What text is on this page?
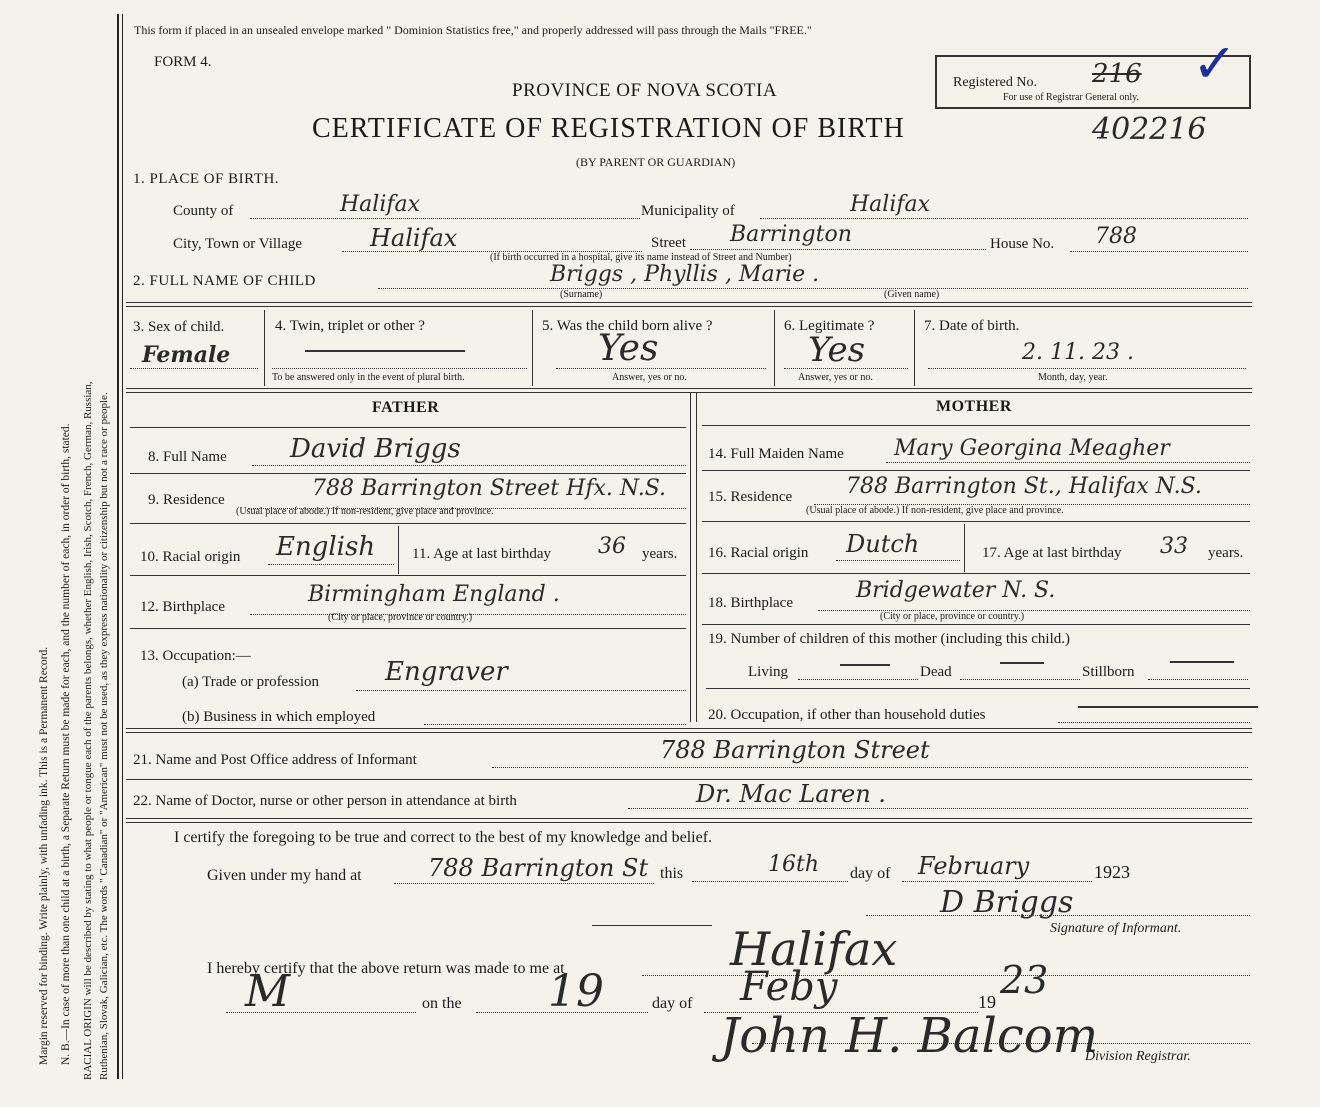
Margin reserved for binding. Write plainly, with unfading ink. This is a Permanent Record. N. B.—In case of more than one child at a birth, a Separate Return must be made for each, and the number of each, in order of birth, stated. RACIAL ORIGIN will be described by stating to what people or tongue each of the parents belongs, whether English, Irish, Scotch, French, German, Russian, Ruthenian, Slovak, Galician, etc. The words " Canadian" or "American" must not be used, as they express nationality or citizenship but not a race or people.
This form if placed in an unsealed envelope marked " Dominion Statistics free," and properly addressed will pass through the Mails "FREE."
FORM 4.
PROVINCE OF NOVA SCOTIA
CERTIFICATE OF REGISTRATION OF BIRTH	402216
(BY PARENT OR GUARDIAN)
Registered No. 216
For use of Registrar General only.
✓
1. PLACE OF BIRTH.
County of	Halifax	Municipality of	Halifax
City, Town or Village	Halifax	Street Barrington	House No. 788
(If birth occurred in a hospital, give its name instead of Street and Number)
2. FULL NAME OF CHILD	Briggs , Phyllis , Marie .
(Surname)	(Given name)
3. Sex of child.
Female
4. Twin, triplet or other ?
To be answered only in the event of plural birth.
5. Was the child born alive ?
Yes
Answer, yes or no.
6. Legitimate ?
Yes
Answer, yes or no.
7. Date of birth.
2. 11. 23 .
Month, day, year.
FATHER	MOTHER
8. Full Name David Briggs
9. Residence	788 Barrington Street Hfx. N.S.
(Usual place of abode.) If non-resident, give place and province.
10. Racial origin English 11. Age at last birthday 36 years.
12. Birthplace	Birmingham England .
(City or place, province or country.)
13. Occupation:—
(a) Trade or profession	Engraver
(b) Business in which employed
14. Full Maiden Name Mary Georgina Meagher
15. Residence 788 Barrington St., Halifax N.S.
(Usual place of abode.) If non-resident, give place and province.
16. Racial origin Dutch	17. Age at last birthday 33 years.
18. Birthplace	Bridgewater N. S.
(City or place, province or country.)
19. Number of children of this mother (including this child.)
Living	Dead	Stillborn
20. Occupation, if other than household duties
21. Name and Post Office address of Informant	788 Barrington Street
22. Name of Doctor, nurse or other person in attendance at birth	Dr. Mac Laren .
I certify the foregoing to be true and correct to the best of my knowledge and belief.
Given under my hand at	788 Barrington St this	16th day of February	1923
D Briggs
Signature of Informant.
I hereby certify that the above return was made to me at	Halifax
M	on the 19	day of Feby	19 23
John H. Balcom
Division Registrar.
